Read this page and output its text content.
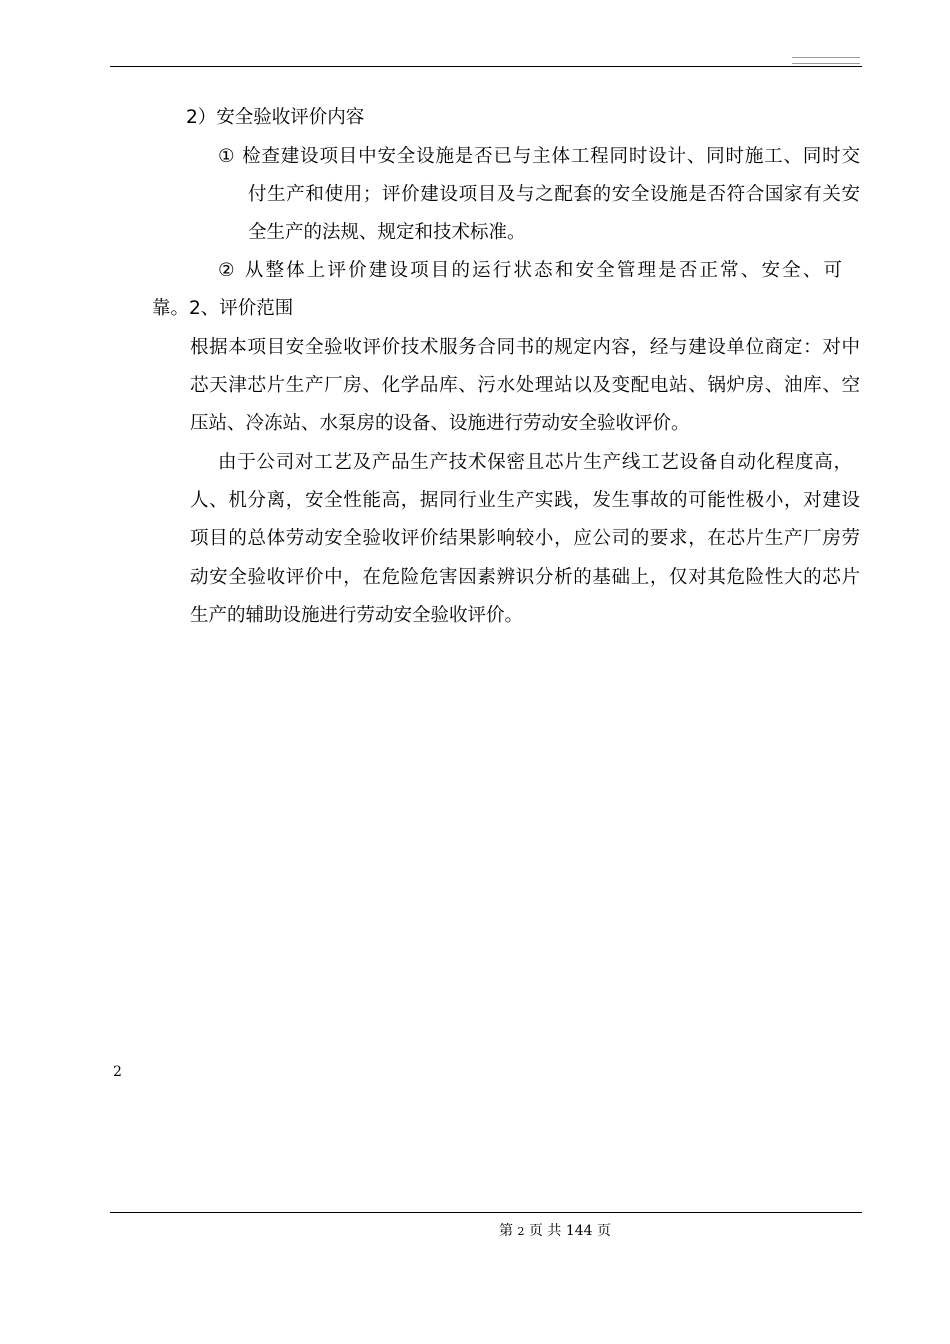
2）安全验收评价内容
① 检查建设项目中安全设施是否已与主体工程同时设计、同时施工、同时交
付生产和使用；评价建设项目及与之配套的安全设施是否符合国家有关安
全生产的法规、规定和技术标准。
② 从整体上评价建设项目的运行状态和安全管理是否正常、安全、可
靠。2、评价范围
根据本项目安全验收评价技术服务合同书的规定内容，经与建设单位商定：对中
芯天津芯片生产厂房、化学品库、污水处理站以及变配电站、锅炉房、油库、空
压站、冷冻站、水泵房的设备、设施进行劳动安全验收评价。
由于公司对工艺及产品生产技术保密且芯片生产线工艺设备自动化程度高，
人、机分离，安全性能高，据同行业生产实践，发生事故的可能性极小，对建设
项目的总体劳动安全验收评价结果影响较小，应公司的要求，在芯片生产厂房劳
动安全验收评价中，在危险危害因素辨识分析的基础上，仅对其危险性大的芯片
生产的辅助设施进行劳动安全验收评价。
2
第 2 页 共 144 页
